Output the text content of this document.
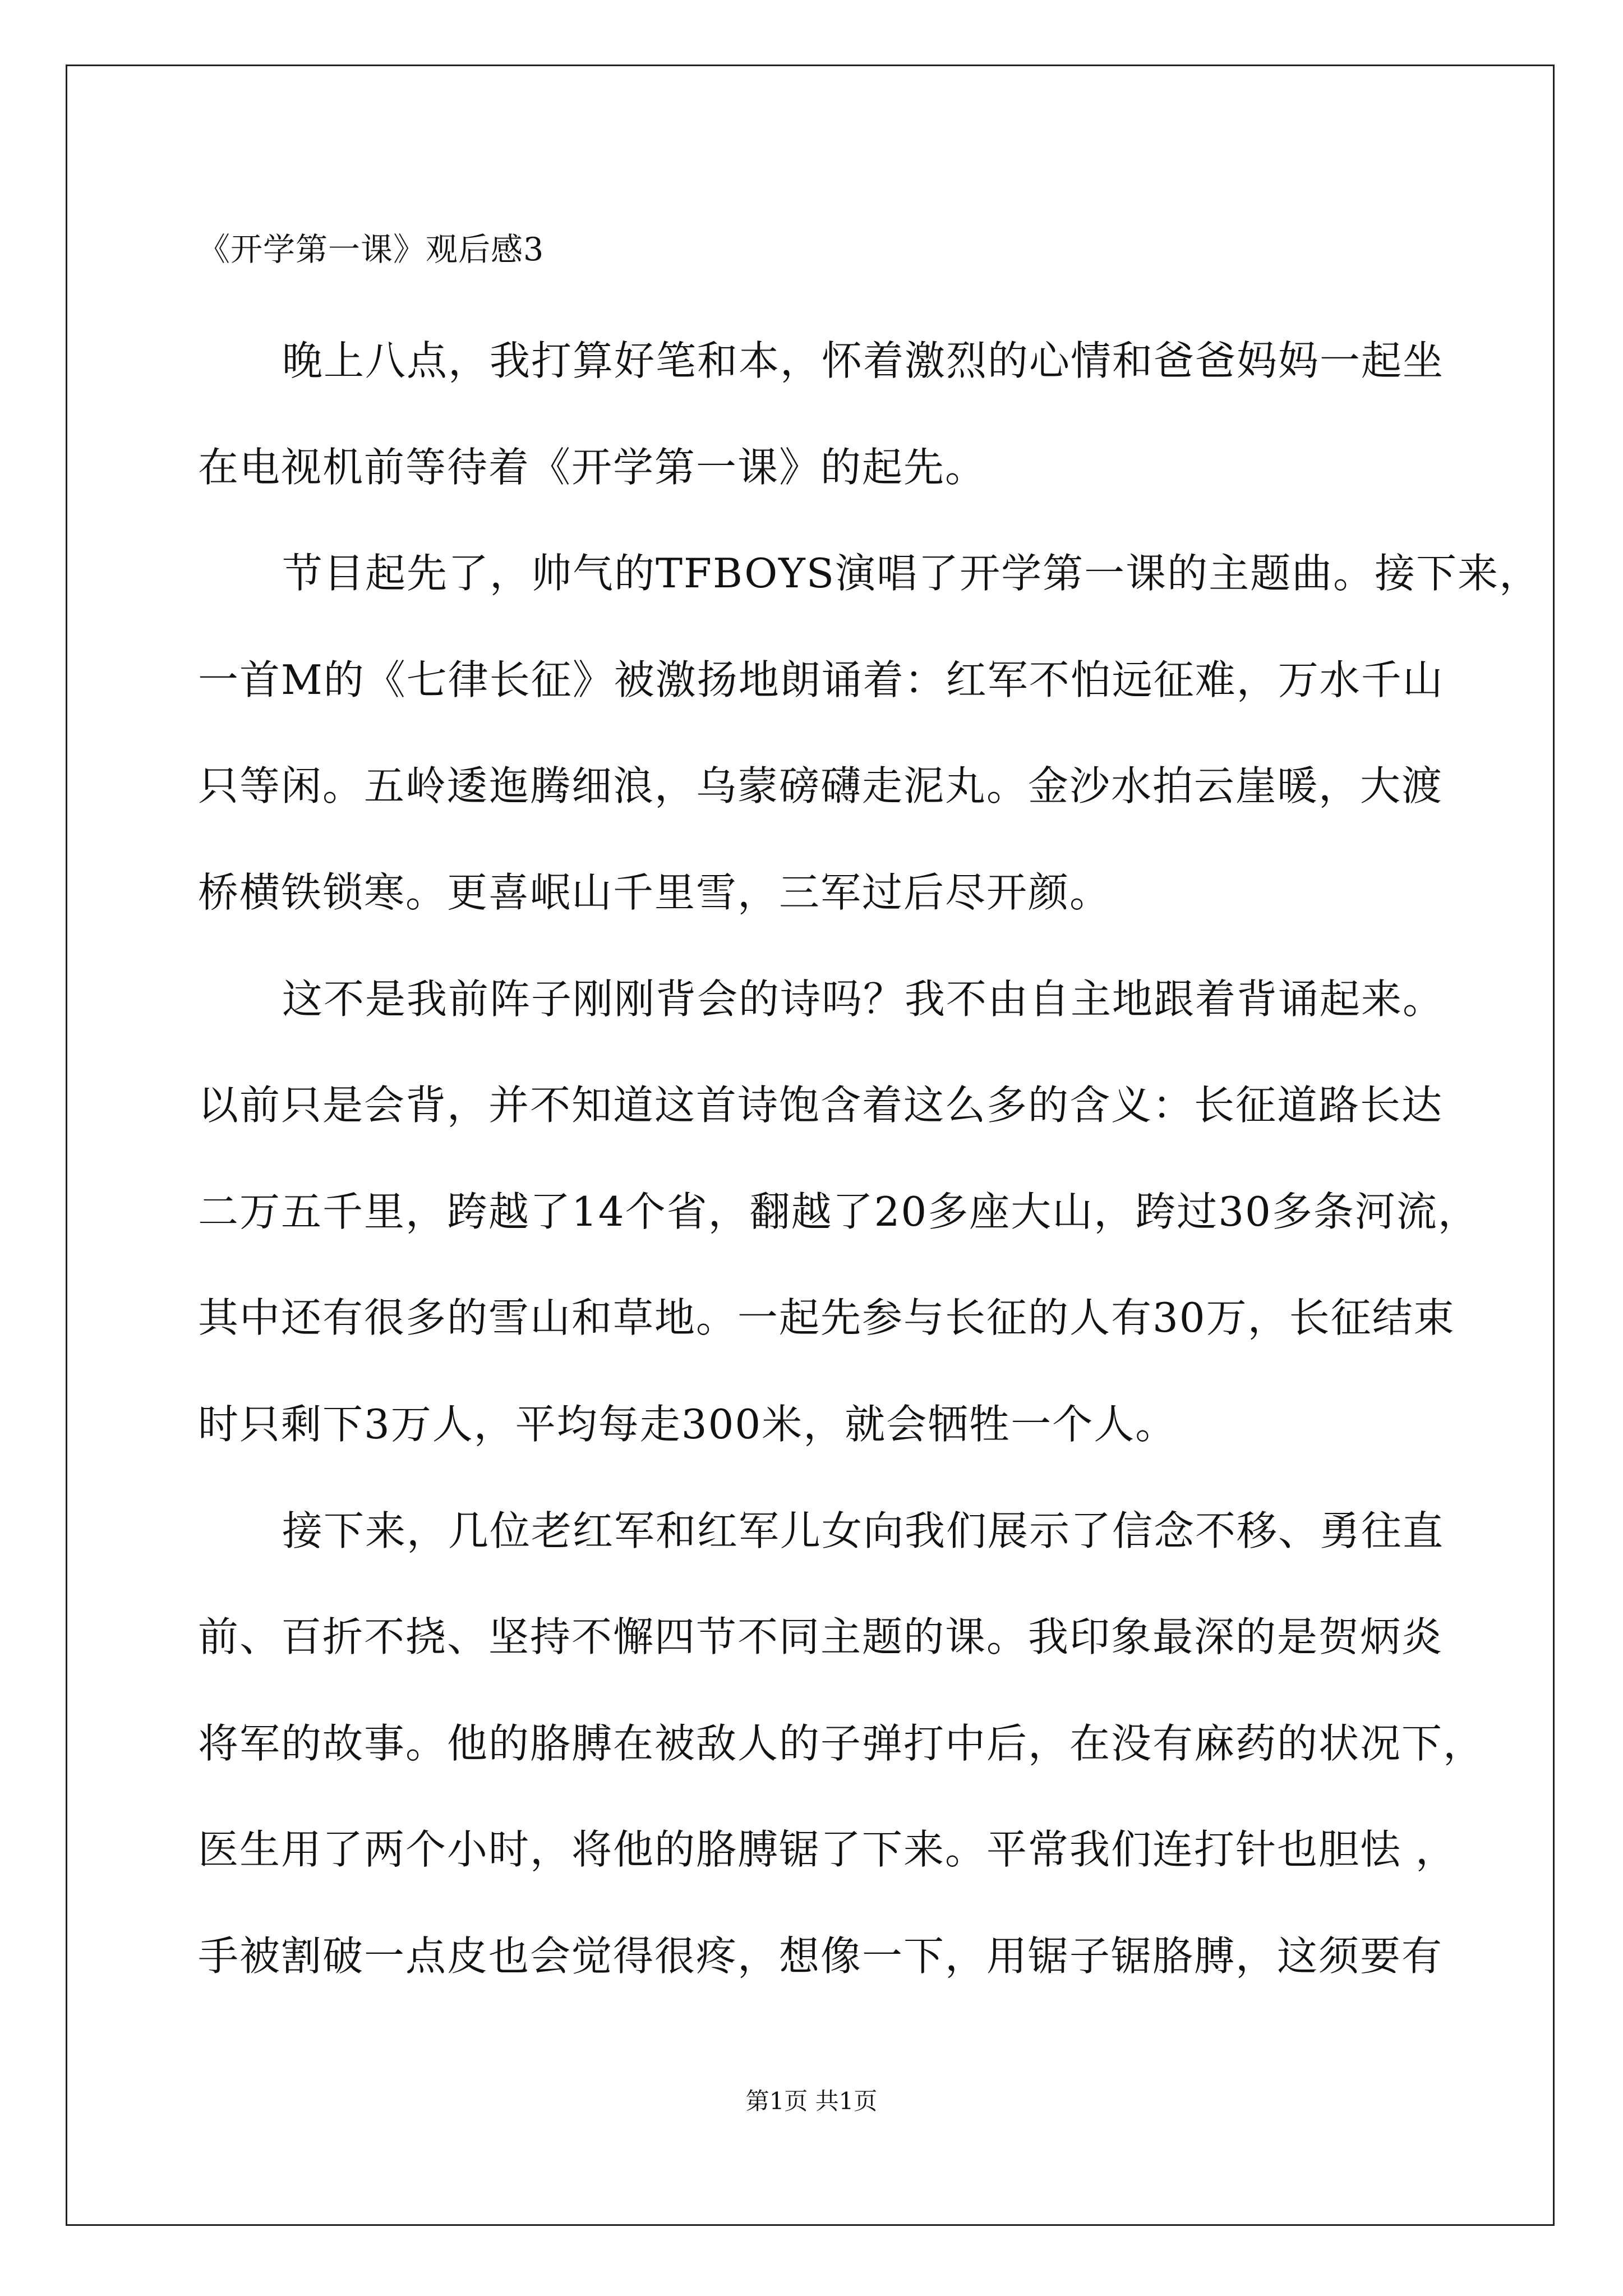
《开学第一课》观后感3
晚上八点，我打算好笔和本，怀着激烈的心情和爸爸妈妈一起坐
在电视机前等待着《开学第一课》的起先。
节目起先了，帅气的TFBOYS演唱了开学第一课的主题曲。接下来，
一首M的《七律长征》被激扬地朗诵着：红军不怕远征难，万水千山
只等闲。五岭逶迤腾细浪，乌蒙磅礴走泥丸。金沙水拍云崖暖，大渡
桥横铁锁寒。更喜岷山千里雪，三军过后尽开颜。
这不是我前阵子刚刚背会的诗吗？我不由自主地跟着背诵起来。
以前只是会背，并不知道这首诗饱含着这么多的含义：长征道路长达
二万五千里，跨越了14个省，翻越了20多座大山，跨过30多条河流，
其中还有很多的雪山和草地。一起先参与长征的人有30万，长征结束
时只剩下3万人，平均每走300米，就会牺牲一个人。
接下来，几位老红军和红军儿女向我们展示了信念不移、勇往直
前、百折不挠、坚持不懈四节不同主题的课。我印象最深的是贺炳炎
将军的故事。他的胳膊在被敌人的子弹打中后，在没有麻药的状况下，
医生用了两个小时，将他的胳膊锯了下来。平常我们连打针也胆怯 ，
手被割破一点皮也会觉得很疼，想像一下，用锯子锯胳膊，这须要有
第1页 共1页
